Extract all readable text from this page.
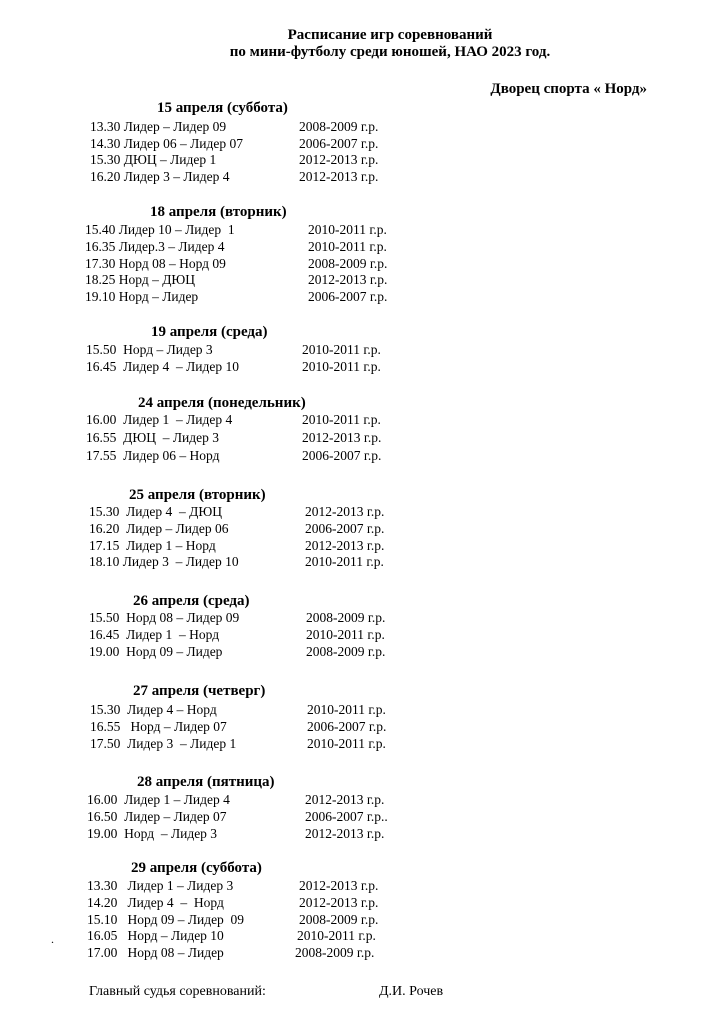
Расписание игр соревнований
по мини-футболу среди юношей, НАО 2023 год.
Дворец спорта « Норд»
15 апреля (суббота)
13.30 Лидер – Лидер 09	2008-2009 г.р.
14.30 Лидер 06 – Лидер 07	2006-2007 г.р.
15.30 ДЮЦ – Лидер 1	2012-2013 г.р.
16.20 Лидер 3 – Лидер 4	2012-2013 г.р.
18 апреля (вторник)
15.40 Лидер 10 – Лидер  1	2010-2011 г.р.
16.35 Лидер.3 – Лидер 4	2010-2011 г.р.
17.30 Норд 08 – Норд 09	2008-2009 г.р.
18.25 Норд – ДЮЦ	2012-2013 г.р.
19.10 Норд – Лидер	2006-2007 г.р.
19 апреля (среда)
15.50  Норд – Лидер 3	2010-2011 г.р.
16.45  Лидер 4  – Лидер 10	2010-2011 г.р.
24 апреля (понедельник)
16.00  Лидер 1  – Лидер 4	2010-2011 г.р.
16.55  ДЮЦ  – Лидер 3	2012-2013 г.р.
17.55  Лидер 06 – Норд	2006-2007 г.р.
25 апреля (вторник)
15.30  Лидер 4  – ДЮЦ	2012-2013 г.р.
16.20  Лидер – Лидер 06	2006-2007 г.р.
17.15  Лидер 1 – Норд	2012-2013 г.р.
18.10 Лидер 3  – Лидер 10	2010-2011 г.р.
26 апреля (среда)
15.50  Норд 08 – Лидер 09	2008-2009 г.р.
16.45  Лидер 1  – Норд	2010-2011 г.р.
19.00  Норд 09 – Лидер	2008-2009 г.р.
27 апреля (четверг)
15.30  Лидер 4 – Норд	2010-2011 г.р.
16.55   Норд – Лидер 07	2006-2007 г.р.
17.50  Лидер 3  – Лидер 1	2010-2011 г.р.
28 апреля (пятница)
16.00  Лидер 1 – Лидер 4	2012-2013 г.р.
16.50  Лидер – Лидер 07	2006-2007 г.р..
19.00  Норд  – Лидер 3	2012-2013 г.р.
29 апреля (суббота)
13.30   Лидер 1 – Лидер 3	2012-2013 г.р.
14.20   Лидер 4  –  Норд	2012-2013 г.р.
15.10   Норд 09 – Лидер  09	2008-2009 г.р.
16.05   Норд – Лидер 10	2010-2011 г.р.
17.00   Норд 08 – Лидер	2008-2009 г.р.
.
Главный судья соревнований:	Д.И. Рочев
